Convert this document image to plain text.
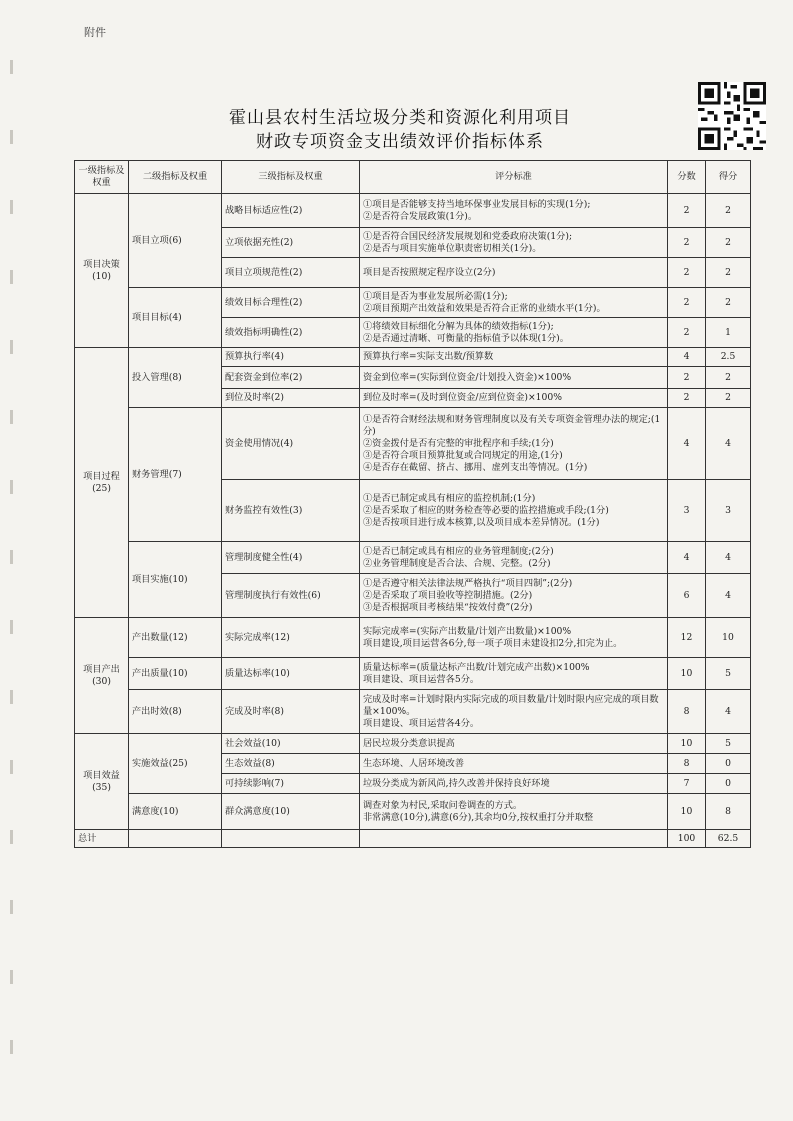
附件
霍山县农村生活垃圾分类和资源化利用项目
财政专项资金支出绩效评价指标体系
一级指标及权重	二级指标及权重	三级指标及权重	评分标准	分数	得分
项目决策(10)	项目立项(6)	战略目标适应性(2)	①项目是否能够支持当地环保事业发展目标的实现(1分);
②是否符合发展政策(1分)。	2	2
		立项依据充性(2)	①是否符合国民经济发展规划和党委政府决策(1分);
②是否与项目实施单位职责密切相关(1分)。	2	2
		项目立项规范性(2)	项目是否按照规定程序设立(2分)	2	2
	项目目标(4)	绩效目标合理性(2)	①项目是否为事业发展所必需(1分);
②项目预期产出效益和效果是否符合正常的业绩水平(1分)。	2	2
		绩效指标明确性(2)	①将绩效目标细化分解为具体的绩效指标(1分);
②是否通过清晰、可衡量的指标值予以体现(1分)。	2	1
项目过程(25)	投入管理(8)	预算执行率(4)	预算执行率=实际支出数/预算数	4	2.5
		配套资金到位率(2)	资金到位率=(实际到位资金/计划投入资金)×100%	2	2
		到位及时率(2)	到位及时率=(及时到位资金/应到位资金)×100%	2	2
	财务管理(7)	资金使用情况(4)	①是否符合财经法规和财务管理制度以及有关专项资金管理办法的规定;(1分)
②资金拨付是否有完整的审批程序和手续;(1分)
③是否符合项目预算批复或合同规定的用途,(1分)
④是否存在截留、挤占、挪用、虚列支出等情况。(1分)	4	4
		财务监控有效性(3)	①是否已制定或具有相应的监控机制;(1分)
②是否采取了相应的财务检查等必要的监控措施或手段;(1分)
③是否按项目进行成本核算,以及项目成本差异情况。(1分)	3	3
	项目实施(10)	管理制度健全性(4)	①是否已制定或具有相应的业务管理制度;(2分)
②业务管理制度是否合法、合规、完整。(2分)	4	4
		管理制度执行有效性(6)	①是否遵守相关法律法规严格执行“项目四制”;(2分)
②是否采取了项目验收等控制措施。(2分)
③是否根据项目考核结果“按效付费”(2分)	6	4
项目产出(30)	产出数量(12)	实际完成率(12)	实际完成率=(实际产出数量/计划产出数量)×100%
项目建设,项目运营各6分,每一项子项目未建设扣2分,扣完为止。	12	10
	产出质量(10)	质量达标率(10)	质量达标率=(质量达标产出数/计划完成产出数)×100%
项目建设、项目运营各5分。	10	5
	产出时效(8)	完成及时率(8)	完成及时率=计划时限内实际完成的项目数量/计划时限内应完成的项目数量×100%。
项目建设、项目运营各4分。	8	4
项目效益(35)	实施效益(25)	社会效益(10)	居民垃圾分类意识提高	10	5
		生态效益(8)	生态环境、人居环境改善	8	0
		可持续影响(7)	垃圾分类成为新风尚,持久改善并保持良好环境	7	0
	满意度(10)	群众满意度(10)	调查对象为村民,采取问卷调查的方式。
非常满意(10分),满意(6分),其余均0分,按权重打分并取整	10	8
总计				100	62.5
